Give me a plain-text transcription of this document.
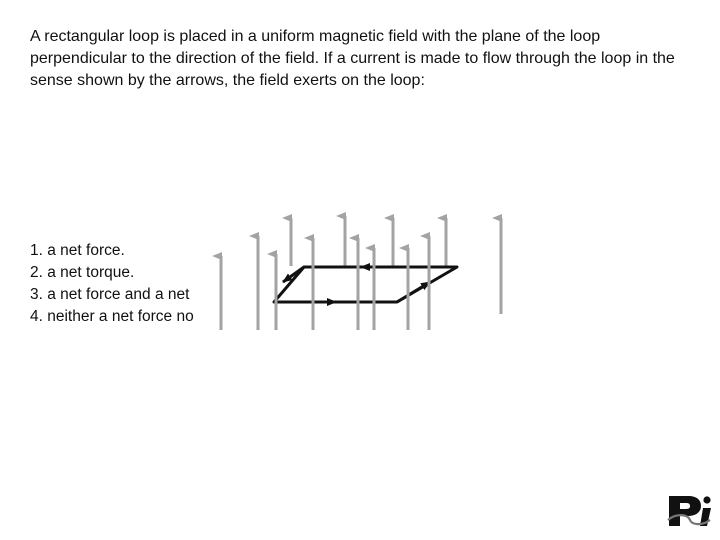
A rectangular loop is placed in a uniform magnetic field with the plane of the loop perpendicular to the direction of the field. If a current is made to flow through the loop in the sense shown by the arrows, the field exerts on the loop:

1. a net force.
2. a net torque.
3. a net force and a net
4. neither a net force no
